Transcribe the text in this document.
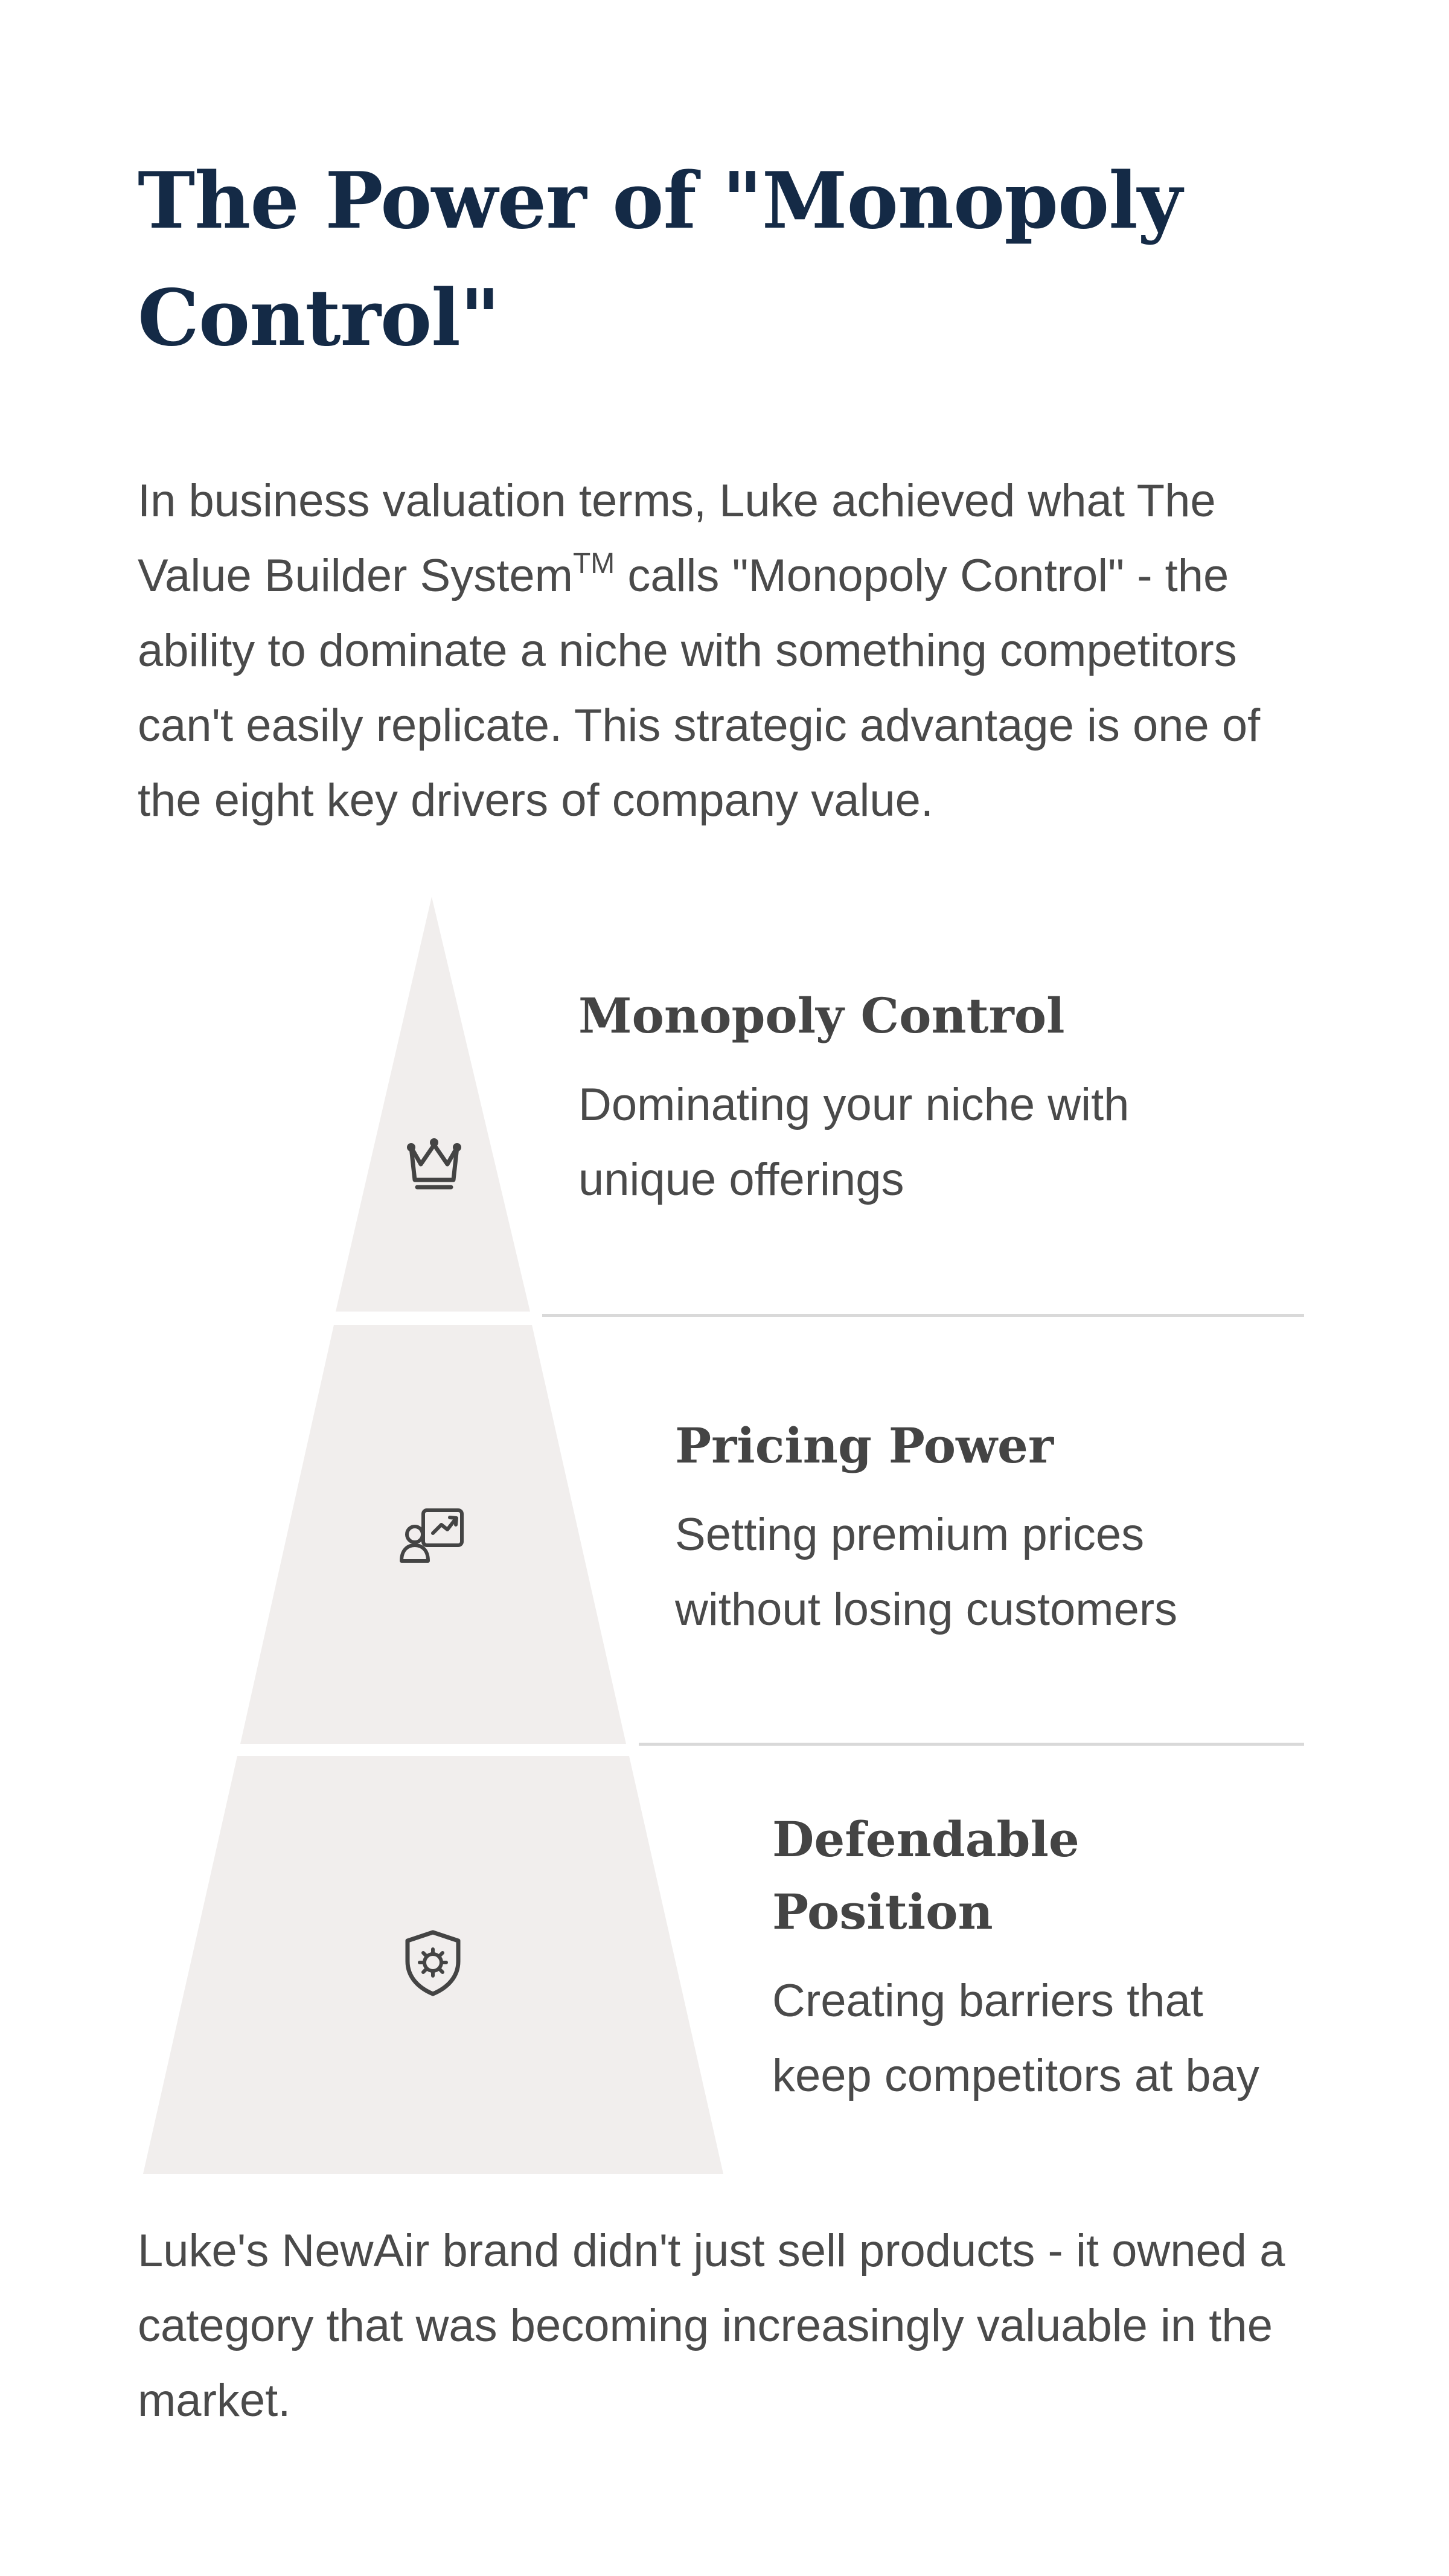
The Power of "Monopoly Control"

In business valuation terms, Luke achieved what The Value Builder System™ calls "Monopoly Control" - the ability to dominate a niche with something competitors can't easily replicate. This strategic advantage is one of the eight key drivers of company value.

Monopoly Control
Dominating your niche with unique offerings
Pricing Power
Setting premium prices without losing customers
Defendable Position
Creating barriers that keep competitors at bay

Luke's NewAir brand didn't just sell products - it owned a category that was becoming increasingly valuable in the market.
